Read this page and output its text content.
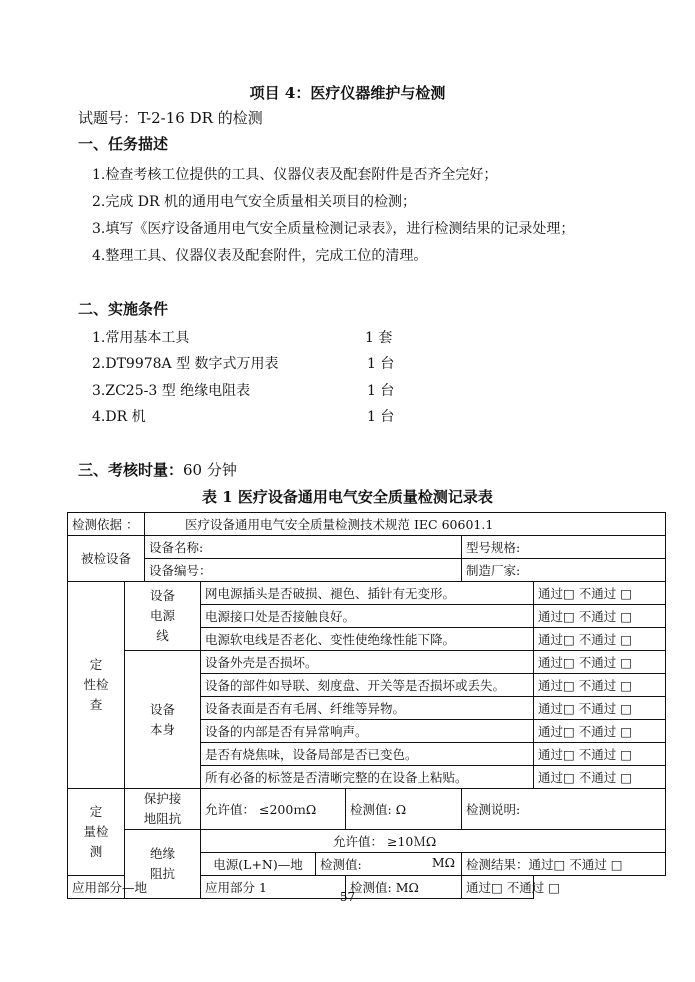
项目 4：医疗仪器维护与检测
试题号：T-2-16 DR 的检测
一、任务描述
1.检查考核工位提供的工具、仪器仪表及配套附件是否齐全完好；
2.完成 DR 机的通用电气安全质量相关项目的检测；
3.填写《医疗设备通用电气安全质量检测记录表》，进行检测结果的记录处理；
4.整理工具、仪器仪表及配套附件，完成工位的清理。
二、实施条件
1.常用基本工具	1 套
2.DT9978A 型 数字式万用表	1 台
3.ZC25-3 型 绝缘电阻表	1 台
4.DR 机	1 台
三、考核时量：60 分钟
表 1 医疗设备通用电气安全质量检测记录表
检测依据 ：		医疗设备通用电气安全质量检测技术规范 IEC 60601.1					
被检设备		设备名称:				型号规格:	
		设备编号：				制造厂家:	
定 性检查	设备电源线		网电源插头是否破损、褪色、插针有无变形。				通过□ 不通过 □
			电源接口处是否接触良好。				通过□ 不通过 □
			电源软电线是否老化、变性使绝缘性能下降。				通过□ 不通过 □
	设备本身		设备外壳是否损坏。				通过□ 不通过 □
			设备的部件如导联、刻度盘、开关等是否损坏或丢失。				通过□ 不通过 □
			设备表面是否有毛屑、纤维等异物。				通过□ 不通过 □
			设备的内部是否有异常响声。				通过□ 不通过 □
			是否有烧焦味，设备局部是否已变色。				通过□ 不通过 □
			所有必备的标签是否清晰完整的在设备上粘贴。				通过□ 不通过 □
定 量检测	保护接地阻抗		允许值： ≤200ｍΩ		检测值: Ω	检测说明:	

	绝缘阻抗		允许值： ≥10ＭΩ				
			电源(L+N)—地	检测值: MΩ		检测结果：通过□ 不通过 □	
应用部分—地			应用部分 1		检测值: MΩ	通过□ 不通过 □	
57
